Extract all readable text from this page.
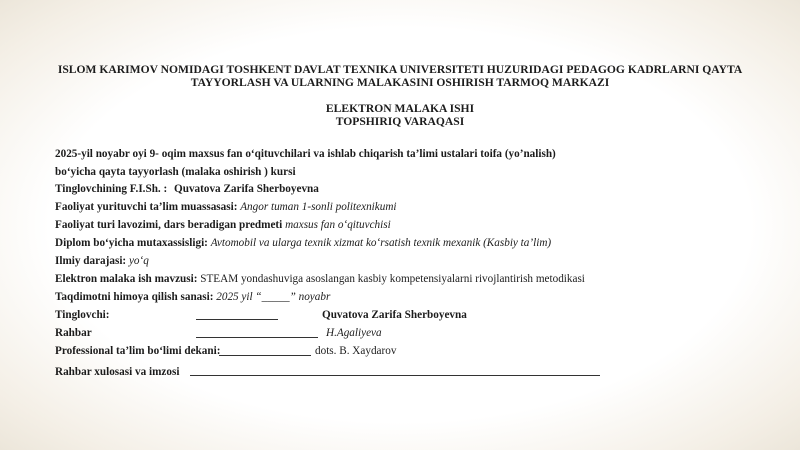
ISLOM KARIMOV NOMIDAGI TOSHKENT DAVLAT TEXNIKA UNIVERSITETI HUZURIDAGI PEDAGOG KADRLARNI QAYTA
TAYYORLASH VA ULARNING MALAKASINI OSHIRISH TARMOQ MARKAZI
ELEKTRON MALAKA ISHI
TOPSHIRIQ VARAQASI
2025-yil noyabr oyi 9- oqim maxsus fan o‘qituvchilari va ishlab chiqarish ta’limi ustalari toifa (yo’nalish)
bo‘yicha qayta tayyorlash (malaka oshirish ) kursi
Tinglovchining F.I.Sh. : Quvatova Zarifa Sherboyevna
Faoliyat yurituvchi ta’lim muassasasi: Angor tuman 1-sonli politexnikumi
Faoliyat turi lavozimi, dars beradigan predmeti maxsus fan o‘qituvchisi
Diplom bo‘yicha mutaxassisligi: Avtomobil va ularga texnik xizmat ko‘rsatish texnik mexanik (Kasbiy ta’lim)
Ilmiy darajasi: yo‘q
Elektron malaka ish mavzusi: STEAM yondashuviga asoslangan kasbiy kompetensiyalarni rivojlantirish metodikasi
Taqdimotni himoya qilish sanasi: 2025 yil “_____” noyabr
Tinglovchi:	Quvatova Zarifa Sherboyevna
Rahbar	H.Agaliyeva
Professional ta’lim bo‘limi dekani:	dots. B. Xaydarov
Rahbar xulosasi va imzosi
